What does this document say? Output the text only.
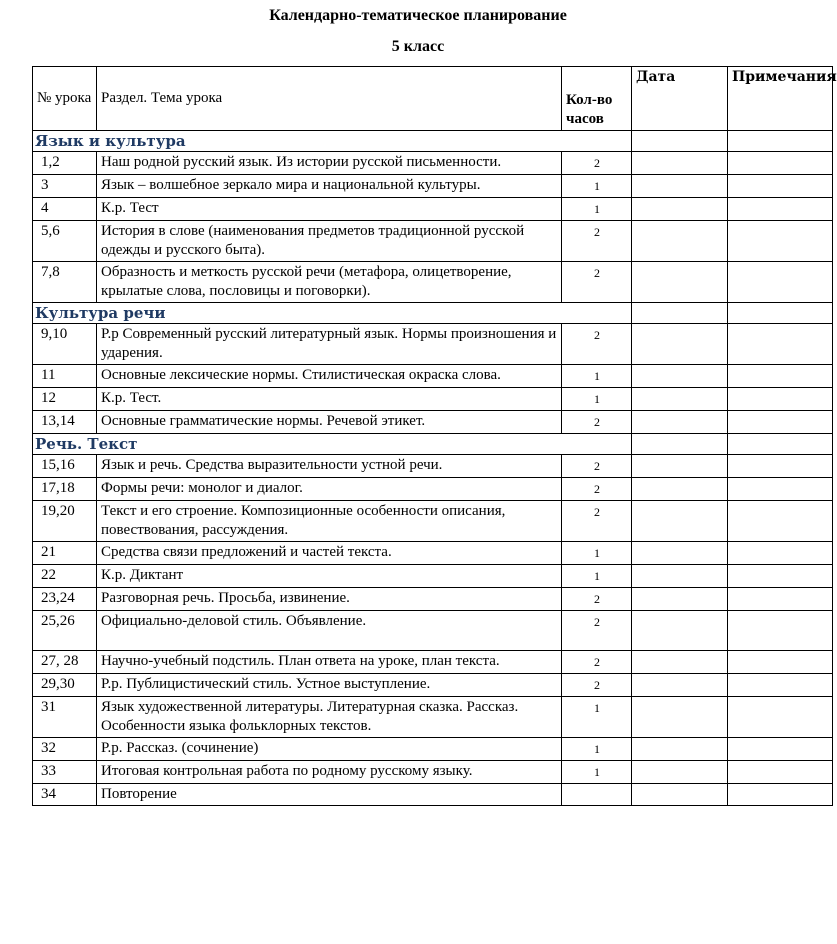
Календарно-тематическое планирование
5 класс
№ урока	Раздел. Тема урока	Кол-во часов	Дата	Примечания
Язык и культура				
1,2	Наш родной русский язык. Из истории русской письменности.	2		
3	Язык – волшебное зеркало мира и национальной культуры.	1		
4	К.р. Тест	1		
5,6	История в слове (наименования предметов традиционной русской одежды и русского быта).	2		
7,8	Образность и меткость русской речи (метафора, олицетворение, крылатые слова, пословицы и поговорки).	2		
Культура речи				
9,10	Р.р Современный русский литературный язык. Нормы произношения и ударения.	2		
11	Основные лексические нормы. Стилистическая окраска слова.	1		
12	К.р. Тест.	1		
13,14	Основные грамматические нормы. Речевой этикет.	2		
Речь. Текст				
15,16	Язык и речь. Средства выразительности устной речи.	2		
17,18	Формы речи: монолог и диалог.	2		
19,20	Текст и его строение. Композиционные особенности описания, повествования, рассуждения.	2		
21	Средства связи предложений и частей текста.	1		
22	К.р. Диктант	1		
23,24	Разговорная речь. Просьба, извинение.	2		
25,26	Официально-деловой стиль. Объявление.	2		
27, 28	Научно-учебный подстиль. План ответа на уроке, план текста.	2		
29,30	Р.р. Публицистический стиль. Устное выступление.	2		
31	Язык художественной литературы. Литературная сказка. Рассказ. Особенности языка фольклорных текстов.	1		
32	Р.р. Рассказ. (сочинение)	1		
33	Итоговая контрольная работа по родному русскому языку.	1		
34	Повторение			
